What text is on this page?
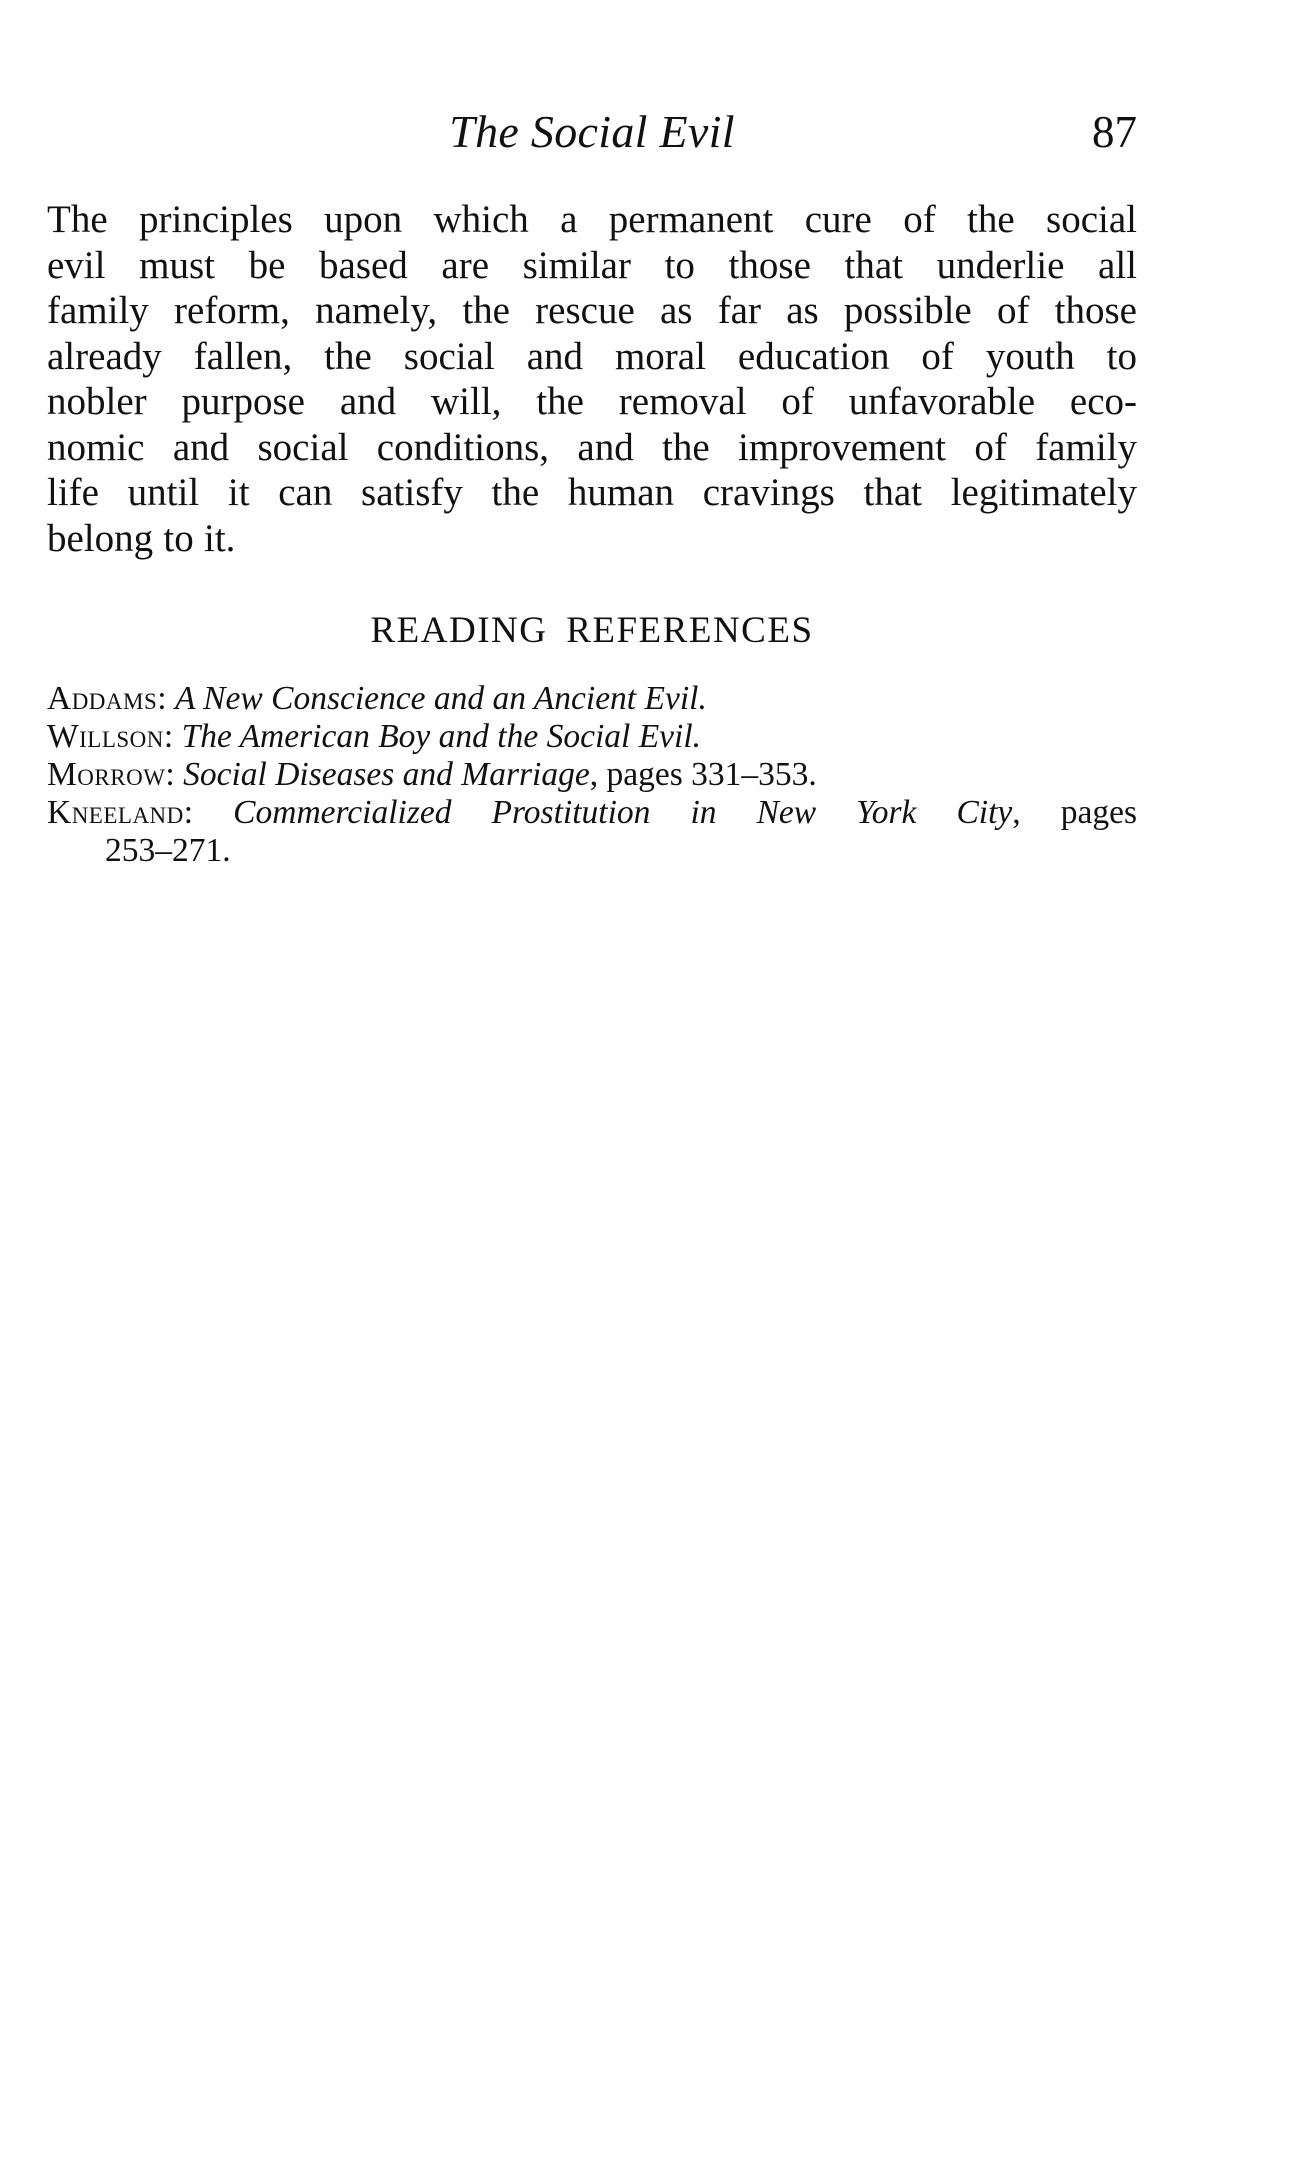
The Social Evil	87

The principles upon which a permanent cure of the social
evil must be based are similar to those that underlie all
family reform, namely, the rescue as far as possible of those
already fallen, the social and moral education of youth to
nobler purpose and will, the removal of unfavorable eco-
nomic and social conditions, and the improvement of family
life until it can satisfy the human cravings that legitimately
belong to it.

READING REFERENCES
Addams: A New Conscience and an Ancient Evil.
Willson: The American Boy and the Social Evil.
Morrow: Social Diseases and Marriage, pages 331–353.
Kneeland: Commercialized Prostitution in New York City, pages
253–271.
